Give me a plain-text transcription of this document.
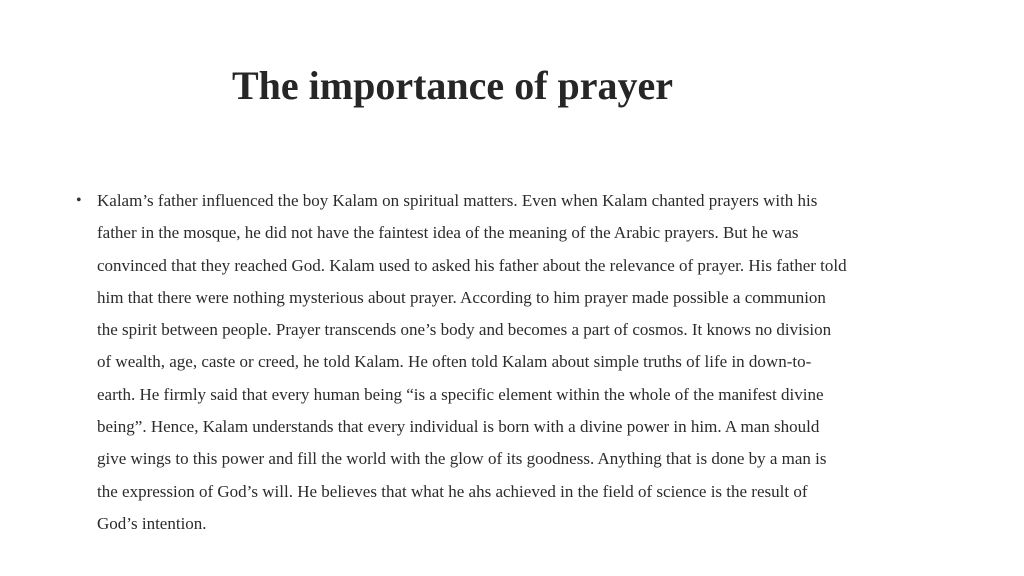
The importance of prayer
• Kalam’s father influenced the boy Kalam on spiritual matters. Even when Kalam chanted prayers with his
father in the mosque, he did not have the faintest idea of the meaning of the Arabic prayers. But he was
convinced that they reached God. Kalam used to asked his father about the relevance of prayer. His father told
him that there were nothing mysterious about prayer. According to him prayer made possible a communion
the spirit between people. Prayer transcends one’s body and becomes a part of cosmos. It knows no division
of wealth, age, caste or creed, he told Kalam. He often told Kalam about simple truths of life in down-to-
earth. He firmly said that every human being “is a specific element within the whole of the manifest divine
being”. Hence, Kalam understands that every individual is born with a divine power in him. A man should
give wings to this power and fill the world with the glow of its goodness. Anything that is done by a man is
the expression of God’s will. He believes that what he ahs achieved in the field of science is the result of
God’s intention.
